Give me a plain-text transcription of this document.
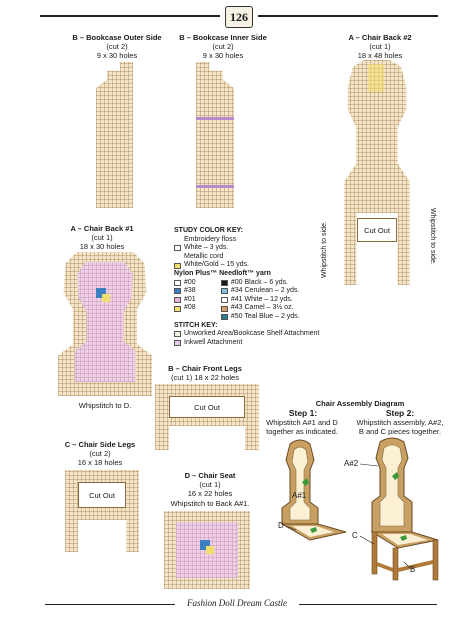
126
B – Bookcase Outer Side
(cut 2)
9 x 30 holes
B – Bookcase Inner Side
(cut 2)
9 x 30 holes
A – Chair Back #2
(cut 1)
18 x 48 holes
Cut Out
Whipstitch to side.	Whipstitch to side.
A – Chair Back #1
(cut 1)
18 x 30 holes
Whipstitch to D.
STUDY COLOR KEY:
Embroidery floss
White – 3 yds.
Metallic cord
White/Gold – 15 yds.
Nylon Plus™ Needloft™ yarn
#00
#38
#01
#08
#00 Black – 6 yds.
#34 Cerulean – 2 yds.
#41 White – 12 yds.
#43 Camel – 3½ oz.
#50 Teal Blue – 2 yds.
STITCH KEY:
Unworked Area/Bookcase Shelf Attachment
Inkwell Attachment
B – Chair Front Legs
(cut 1) 18 x 22 holes
Cut Out
C – Chair Side Legs
(cut 2)
16 x 18 holes
Cut Out
D – Chair Seat
(cut 1)
16 x 22 holes
Whipstitch to Back A#1.
Chair Assembly Diagram
Step 1:
Whipstitch A#1 and D
together as indicated.
Step 2:
Whipstitch assembly, A#2,
B and C pieces together.
A#1
D
A#2
C
B
Fashion Doll Dream Castle
